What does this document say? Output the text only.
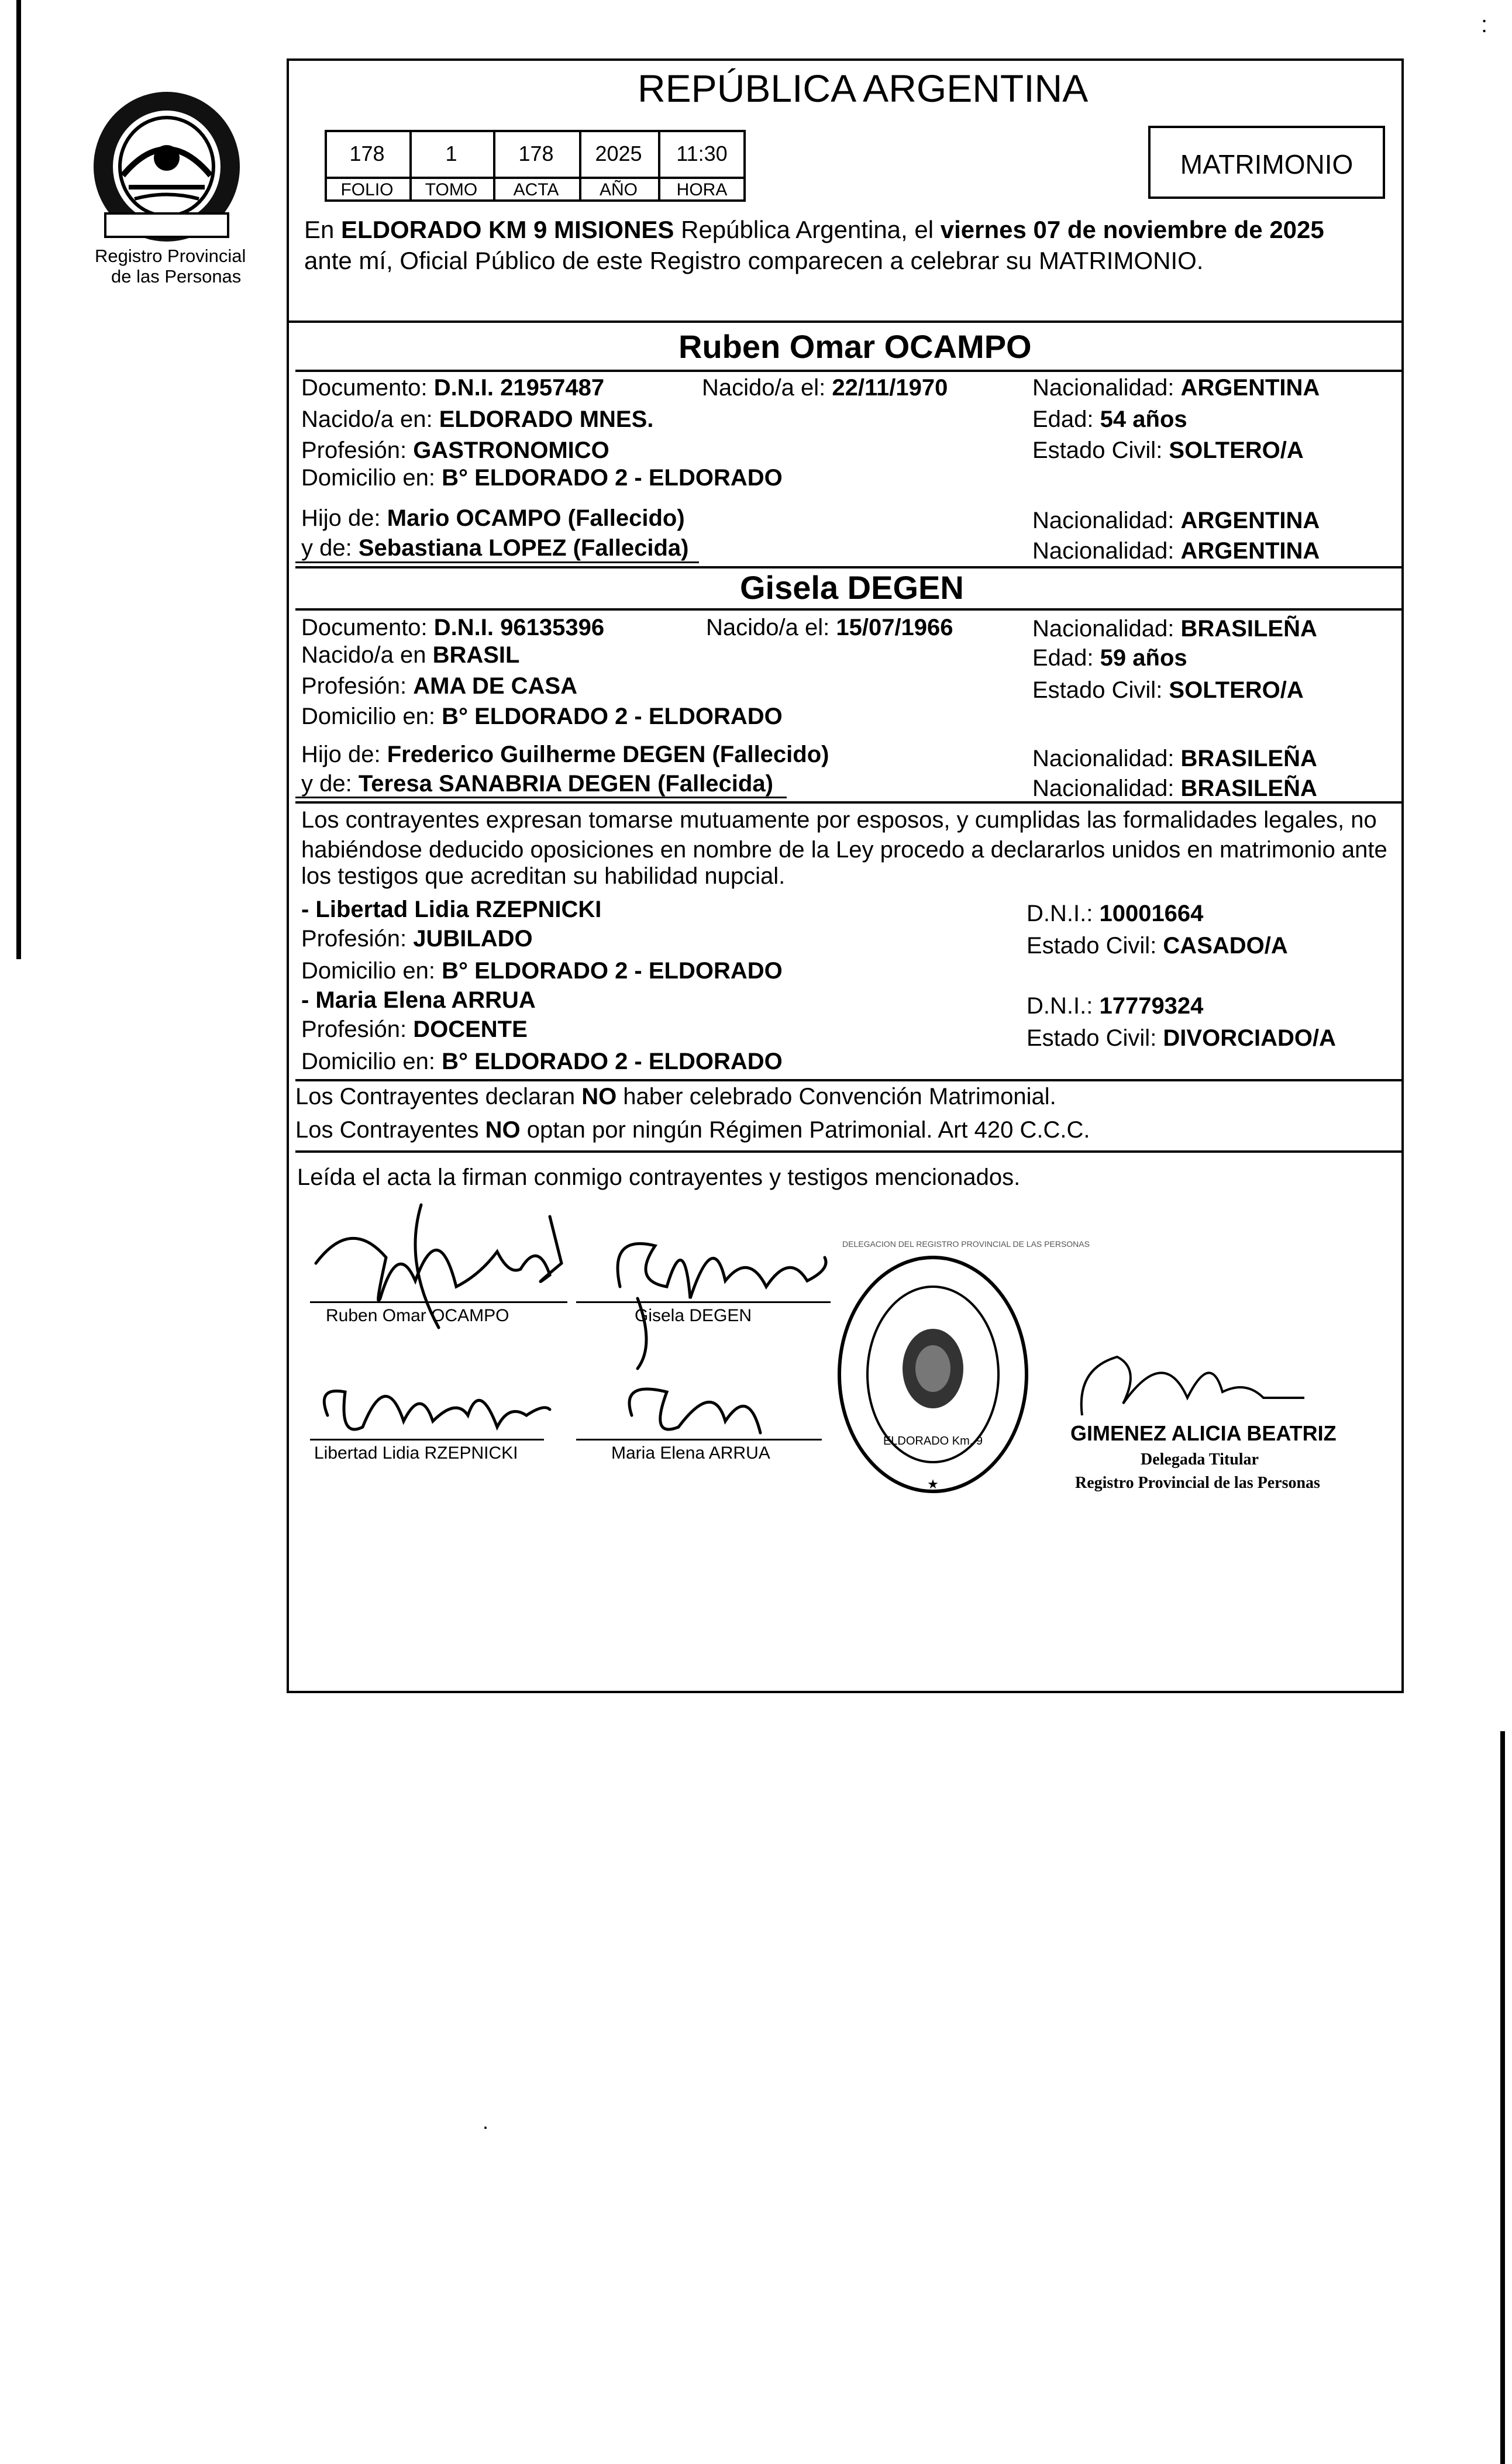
:
Registro Provincial
de las Personas
REPÚBLICA ARGENTINA
178	1	178	2025	11:30
FOLIO	TOMO	ACTA	AÑO	HORA
MATRIMONIO
En ELDORADO KM 9 MISIONES República Argentina, el viernes 07 de noviembre de 2025
ante mí, Oficial Público de este Registro comparecen a celebrar su MATRIMONIO.
Ruben Omar OCAMPO
Documento: D.N.I. 21957487	Nacido/a el: 22/11/1970	Nacionalidad: ARGENTINA
Nacido/a en: ELDORADO MNES.	Edad: 54 años
Profesión: GASTRONOMICO	Estado Civil: SOLTERO/A
Domicilio en: B° ELDORADO 2 - ELDORADO
Hijo de: Mario OCAMPO (Fallecido)	Nacionalidad: ARGENTINA
y de: Sebastiana LOPEZ (Fallecida)	Nacionalidad: ARGENTINA
Gisela DEGEN
Documento: D.N.I. 96135396	Nacido/a el: 15/07/1966	Nacionalidad: BRASILEÑA
Nacido/a en BRASIL	Edad: 59 años
Profesión: AMA DE CASA	Estado Civil: SOLTERO/A
Domicilio en: B° ELDORADO 2 - ELDORADO
Hijo de: Frederico Guilherme DEGEN (Fallecido)	Nacionalidad: BRASILEÑA
y de: Teresa SANABRIA DEGEN (Fallecida)	Nacionalidad: BRASILEÑA
Los contrayentes expresan tomarse mutuamente por esposos, y cumplidas las formalidades legales, no
habiéndose deducido oposiciones en nombre de la Ley procedo a declararlos unidos en matrimonio ante
los testigos que acreditan su habilidad nupcial.
- Libertad Lidia RZEPNICKI	D.N.I.: 10001664
Profesión: JUBILADO	Estado Civil: CASADO/A
Domicilio en: B° ELDORADO 2 - ELDORADO
- Maria Elena ARRUA	D.N.I.: 17779324
Profesión: DOCENTE	Estado Civil: DIVORCIADO/A
Domicilio en: B° ELDORADO 2 - ELDORADO
Los Contrayentes declaran NO haber celebrado Convención Matrimonial.
Los Contrayentes NO optan por ningún Régimen Patrimonial. Art 420 C.C.C.
Leída el acta la firman conmigo contrayentes y testigos mencionados.
Ruben Omar OCAMPO	Gisela DEGEN
Libertad Lidia RZEPNICKI	Maria Elena ARRUA
ELDORADO Km. 9
★
DELEGACION DEL REGISTRO PROVINCIAL DE LAS PERSONAS
GIMENEZ ALICIA BEATRIZ
Delegada Titular
Registro Provincial de las Personas
.
